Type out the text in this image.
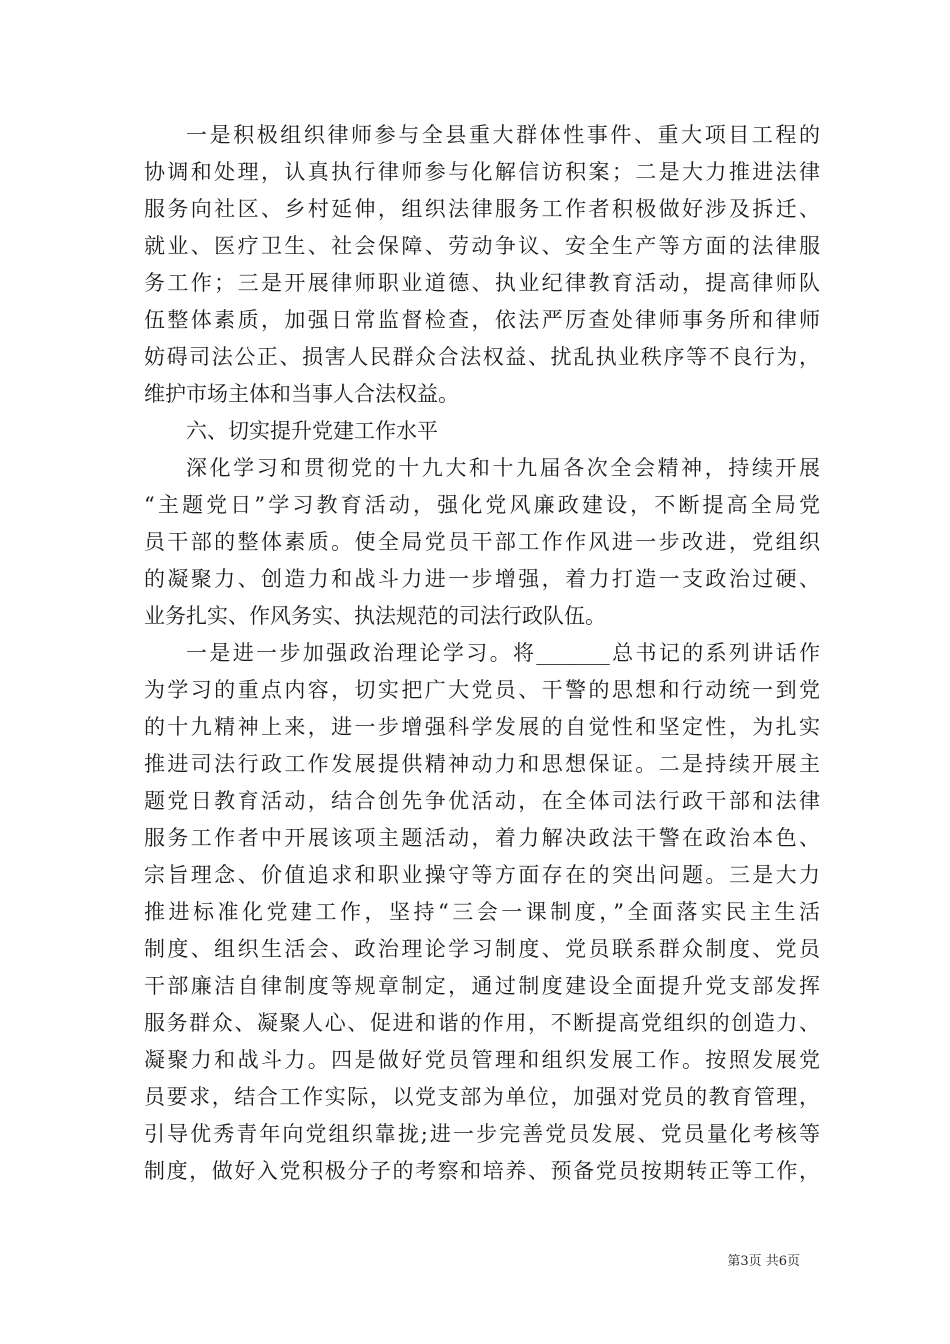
一是积极组织律师参与全县重大群体性事件、重大项目工程的
协调和处理，认真执行律师参与化解信访积案；二是大力推进法律
服务向社区、乡村延伸，组织法律服务工作者积极做好涉及拆迁、
就业、医疗卫生、社会保障、劳动争议、安全生产等方面的法律服
务工作；三是开展律师职业道德、执业纪律教育活动，提高律师队
伍整体素质，加强日常监督检查，依法严厉查处律师事务所和律师
妨碍司法公正、损害人民群众合法权益、扰乱执业秩序等不良行为，
维护市场主体和当事人合法权益。
六、切实提升党建工作水平
深化学习和贯彻党的十九大和十九届各次全会精神，持续开展
“主题党日”学习教育活动，强化党风廉政建设，不断提高全局党
员干部的整体素质。使全局党员干部工作作风进一步改进，党组织
的凝聚力、创造力和战斗力进一步增强，着力打造一支政治过硬、
业务扎实、作风务实、执法规范的司法行政队伍。
一是进一步加强政治理论学习。将_______总书记的系列讲话作
为学习的重点内容，切实把广大党员、干警的思想和行动统一到党
的十九精神上来，进一步增强科学发展的自觉性和坚定性，为扎实
推进司法行政工作发展提供精神动力和思想保证。二是持续开展主
题党日教育活动，结合创先争优活动，在全体司法行政干部和法律
服务工作者中开展该项主题活动，着力解决政法干警在政治本色、
宗旨理念、价值追求和职业操守等方面存在的突出问题。三是大力
推进标准化党建工作，坚持“三会一课制度，”全面落实民主生活
制度、组织生活会、政治理论学习制度、党员联系群众制度、党员
干部廉洁自律制度等规章制定，通过制度建设全面提升党支部发挥
服务群众、凝聚人心、促进和谐的作用，不断提高党组织的创造力、
凝聚力和战斗力。四是做好党员管理和组织发展工作。按照发展党
员要求，结合工作实际，以党支部为单位，加强对党员的教育管理，
引导优秀青年向党组织靠拢;进一步完善党员发展、党员量化考核等
制度，做好入党积极分子的考察和培养、预备党员按期转正等工作，
第3页 共6页
